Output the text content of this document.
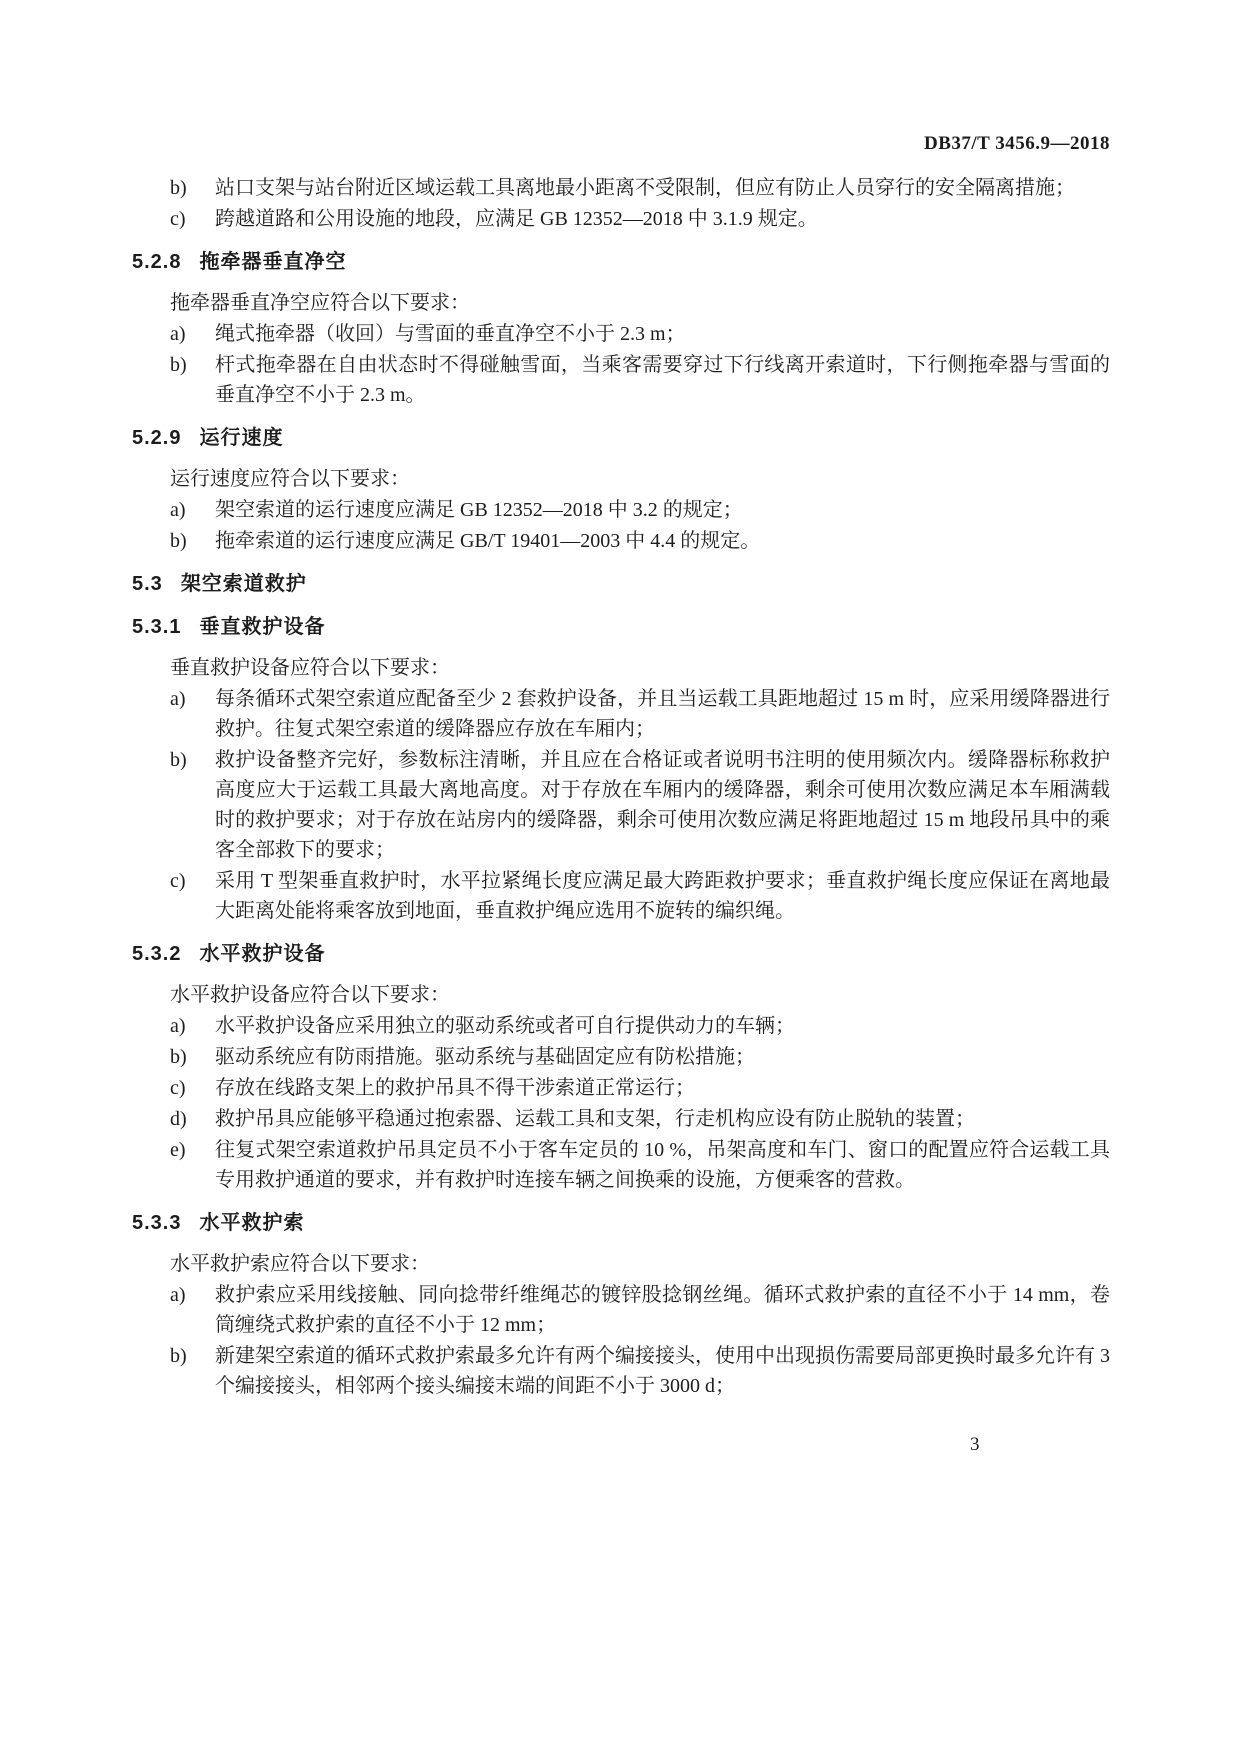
DB37/T 3456.9—2018
b)	站口支架与站台附近区域运载工具离地最小距离不受限制，但应有防止人员穿行的安全隔离措施；
c)	跨越道路和公用设施的地段，应满足 GB 12352—2018 中 3.1.9 规定。
5.2.8 拖牵器垂直净空
拖牵器垂直净空应符合以下要求：
a)	绳式拖牵器（收回）与雪面的垂直净空不小于 2.3 m；
b)	杆式拖牵器在自由状态时不得碰触雪面，当乘客需要穿过下行线离开索道时，下行侧拖牵器与雪面的垂直净空不小于 2.3 m。
5.2.9 运行速度
运行速度应符合以下要求：
a)	架空索道的运行速度应满足 GB 12352—2018 中 3.2 的规定；
b)	拖牵索道的运行速度应满足 GB/T 19401—2003 中 4.4 的规定。
5.3 架空索道救护
5.3.1 垂直救护设备
垂直救护设备应符合以下要求：
a)	每条循环式架空索道应配备至少 2 套救护设备，并且当运载工具距地超过 15 m 时，应采用缓降器进行救护。往复式架空索道的缓降器应存放在车厢内；
b)	救护设备整齐完好，参数标注清晰，并且应在合格证或者说明书注明的使用频次内。缓降器标称救护高度应大于运载工具最大离地高度。对于存放在车厢内的缓降器，剩余可使用次数应满足本车厢满载时的救护要求；对于存放在站房内的缓降器，剩余可使用次数应满足将距地超过 15 m 地段吊具中的乘客全部救下的要求；
c)	采用 T 型架垂直救护时，水平拉紧绳长度应满足最大跨距救护要求；垂直救护绳长度应保证在离地最大距离处能将乘客放到地面，垂直救护绳应选用不旋转的编织绳。
5.3.2 水平救护设备
水平救护设备应符合以下要求：
a)	水平救护设备应采用独立的驱动系统或者可自行提供动力的车辆；
b)	驱动系统应有防雨措施。驱动系统与基础固定应有防松措施；
c)	存放在线路支架上的救护吊具不得干涉索道正常运行；
d)	救护吊具应能够平稳通过抱索器、运载工具和支架，行走机构应设有防止脱轨的装置；
e)	往复式架空索道救护吊具定员不小于客车定员的 10 %，吊架高度和车门、窗口的配置应符合运载工具专用救护通道的要求，并有救护时连接车辆之间换乘的设施，方便乘客的营救。
5.3.3 水平救护索
水平救护索应符合以下要求：
a)	救护索应采用线接触、同向捻带纤维绳芯的镀锌股捻钢丝绳。循环式救护索的直径不小于 14 mm，卷筒缠绕式救护索的直径不小于 12 mm；
b)	新建架空索道的循环式救护索最多允许有两个编接接头，使用中出现损伤需要局部更换时最多允许有 3 个编接接头，相邻两个接头编接末端的间距不小于 3000 d；
3
